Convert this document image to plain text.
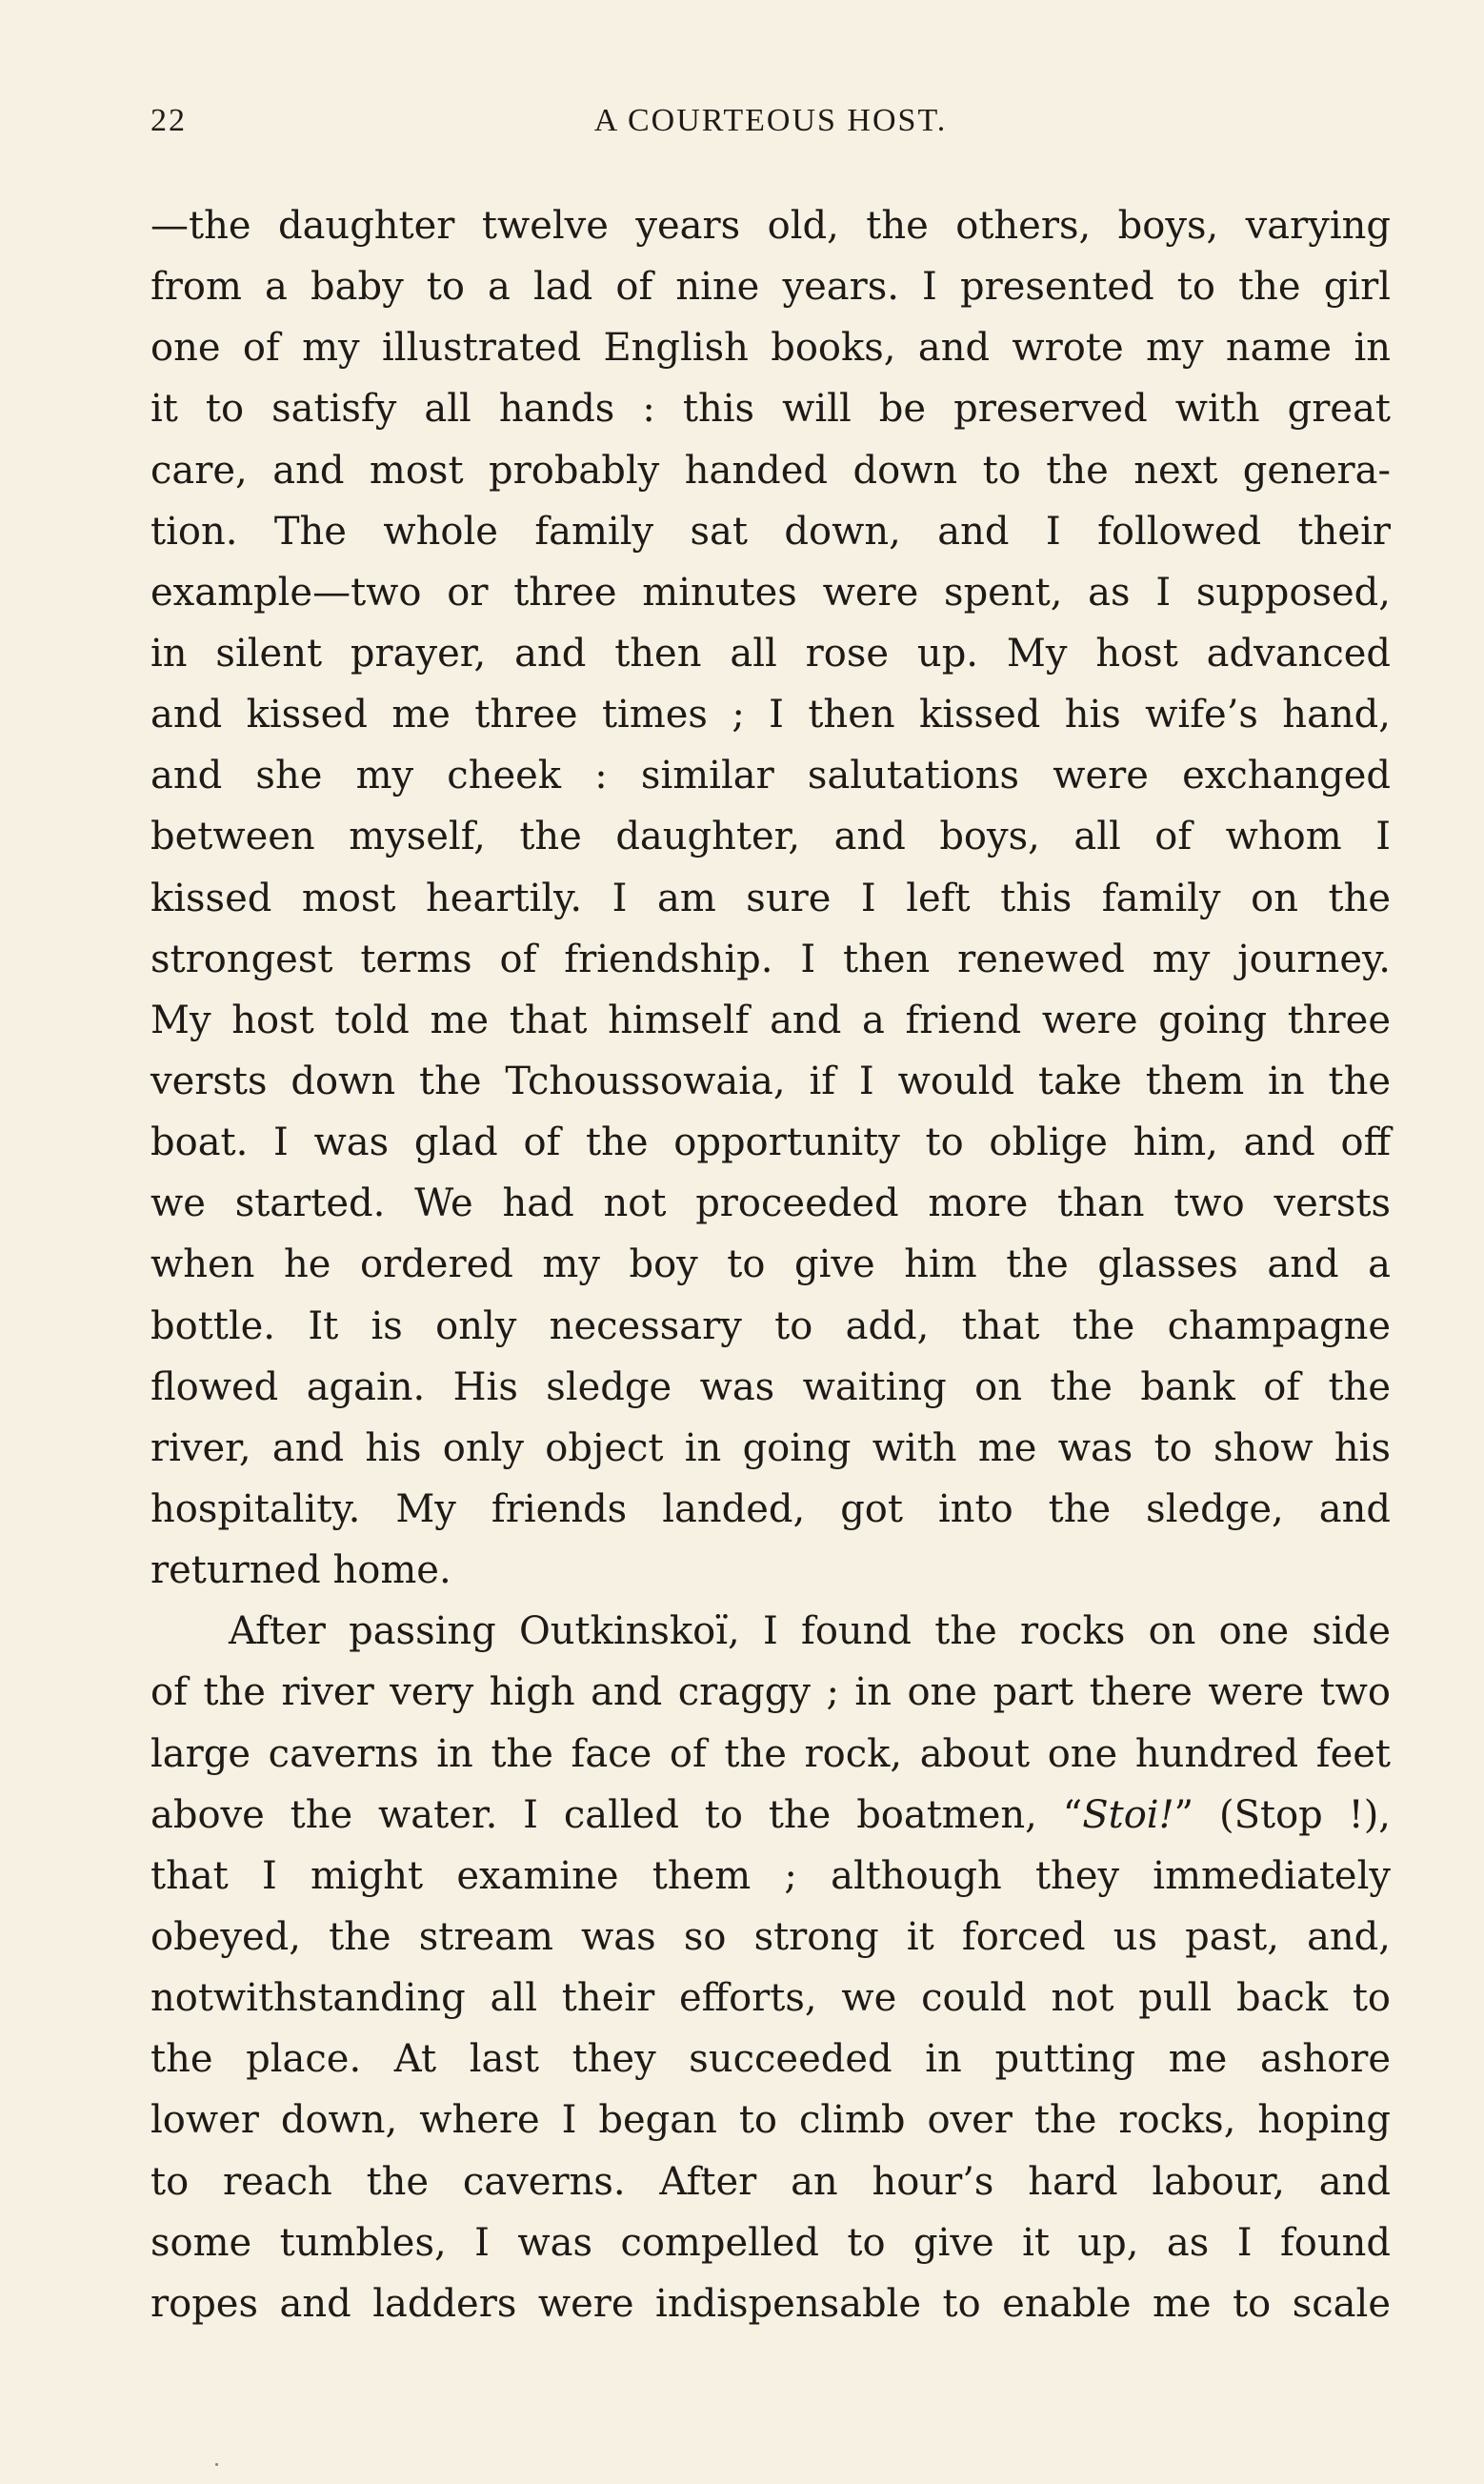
22	A COURTEOUS HOST.
—the daughter twelve years old, the others, boys, varying
from a baby to a lad of nine years. I presented to the girl
one of my illustrated English books, and wrote my name in
it to satisfy all hands : this will be preserved with great
care, and most probably handed down to the next genera-
tion. The whole family sat down, and I followed their
example—two or three minutes were spent, as I supposed,
in silent prayer, and then all rose up. My host advanced
and kissed me three times ; I then kissed his wife’s hand,
and she my cheek : similar salutations were exchanged
between myself, the daughter, and boys, all of whom I
kissed most heartily. I am sure I left this family on the
strongest terms of friendship. I then renewed my journey.
My host told me that himself and a friend were going three
versts down the Tchoussowaia, if I would take them in the
boat. I was glad of the opportunity to oblige him, and off
we started. We had not proceeded more than two versts
when he ordered my boy to give him the glasses and a
bottle. It is only necessary to add, that the champagne
flowed again. His sledge was waiting on the bank of the
river, and his only object in going with me was to show his
hospitality. My friends landed, got into the sledge, and
returned home.
After passing Outkinskoï, I found the rocks on one side
of the river very high and craggy ; in one part there were two
large caverns in the face of the rock, about one hundred feet
above the water. I called to the boatmen, “Stoi!” (Stop !),
that I might examine them ; although they immediately
obeyed, the stream was so strong it forced us past, and,
notwithstanding all their efforts, we could not pull back to
the place. At last they succeeded in putting me ashore
lower down, where I began to climb over the rocks, hoping
to reach the caverns. After an hour’s hard labour, and
some tumbles, I was compelled to give it up, as I found
ropes and ladders were indispensable to enable me to scale
